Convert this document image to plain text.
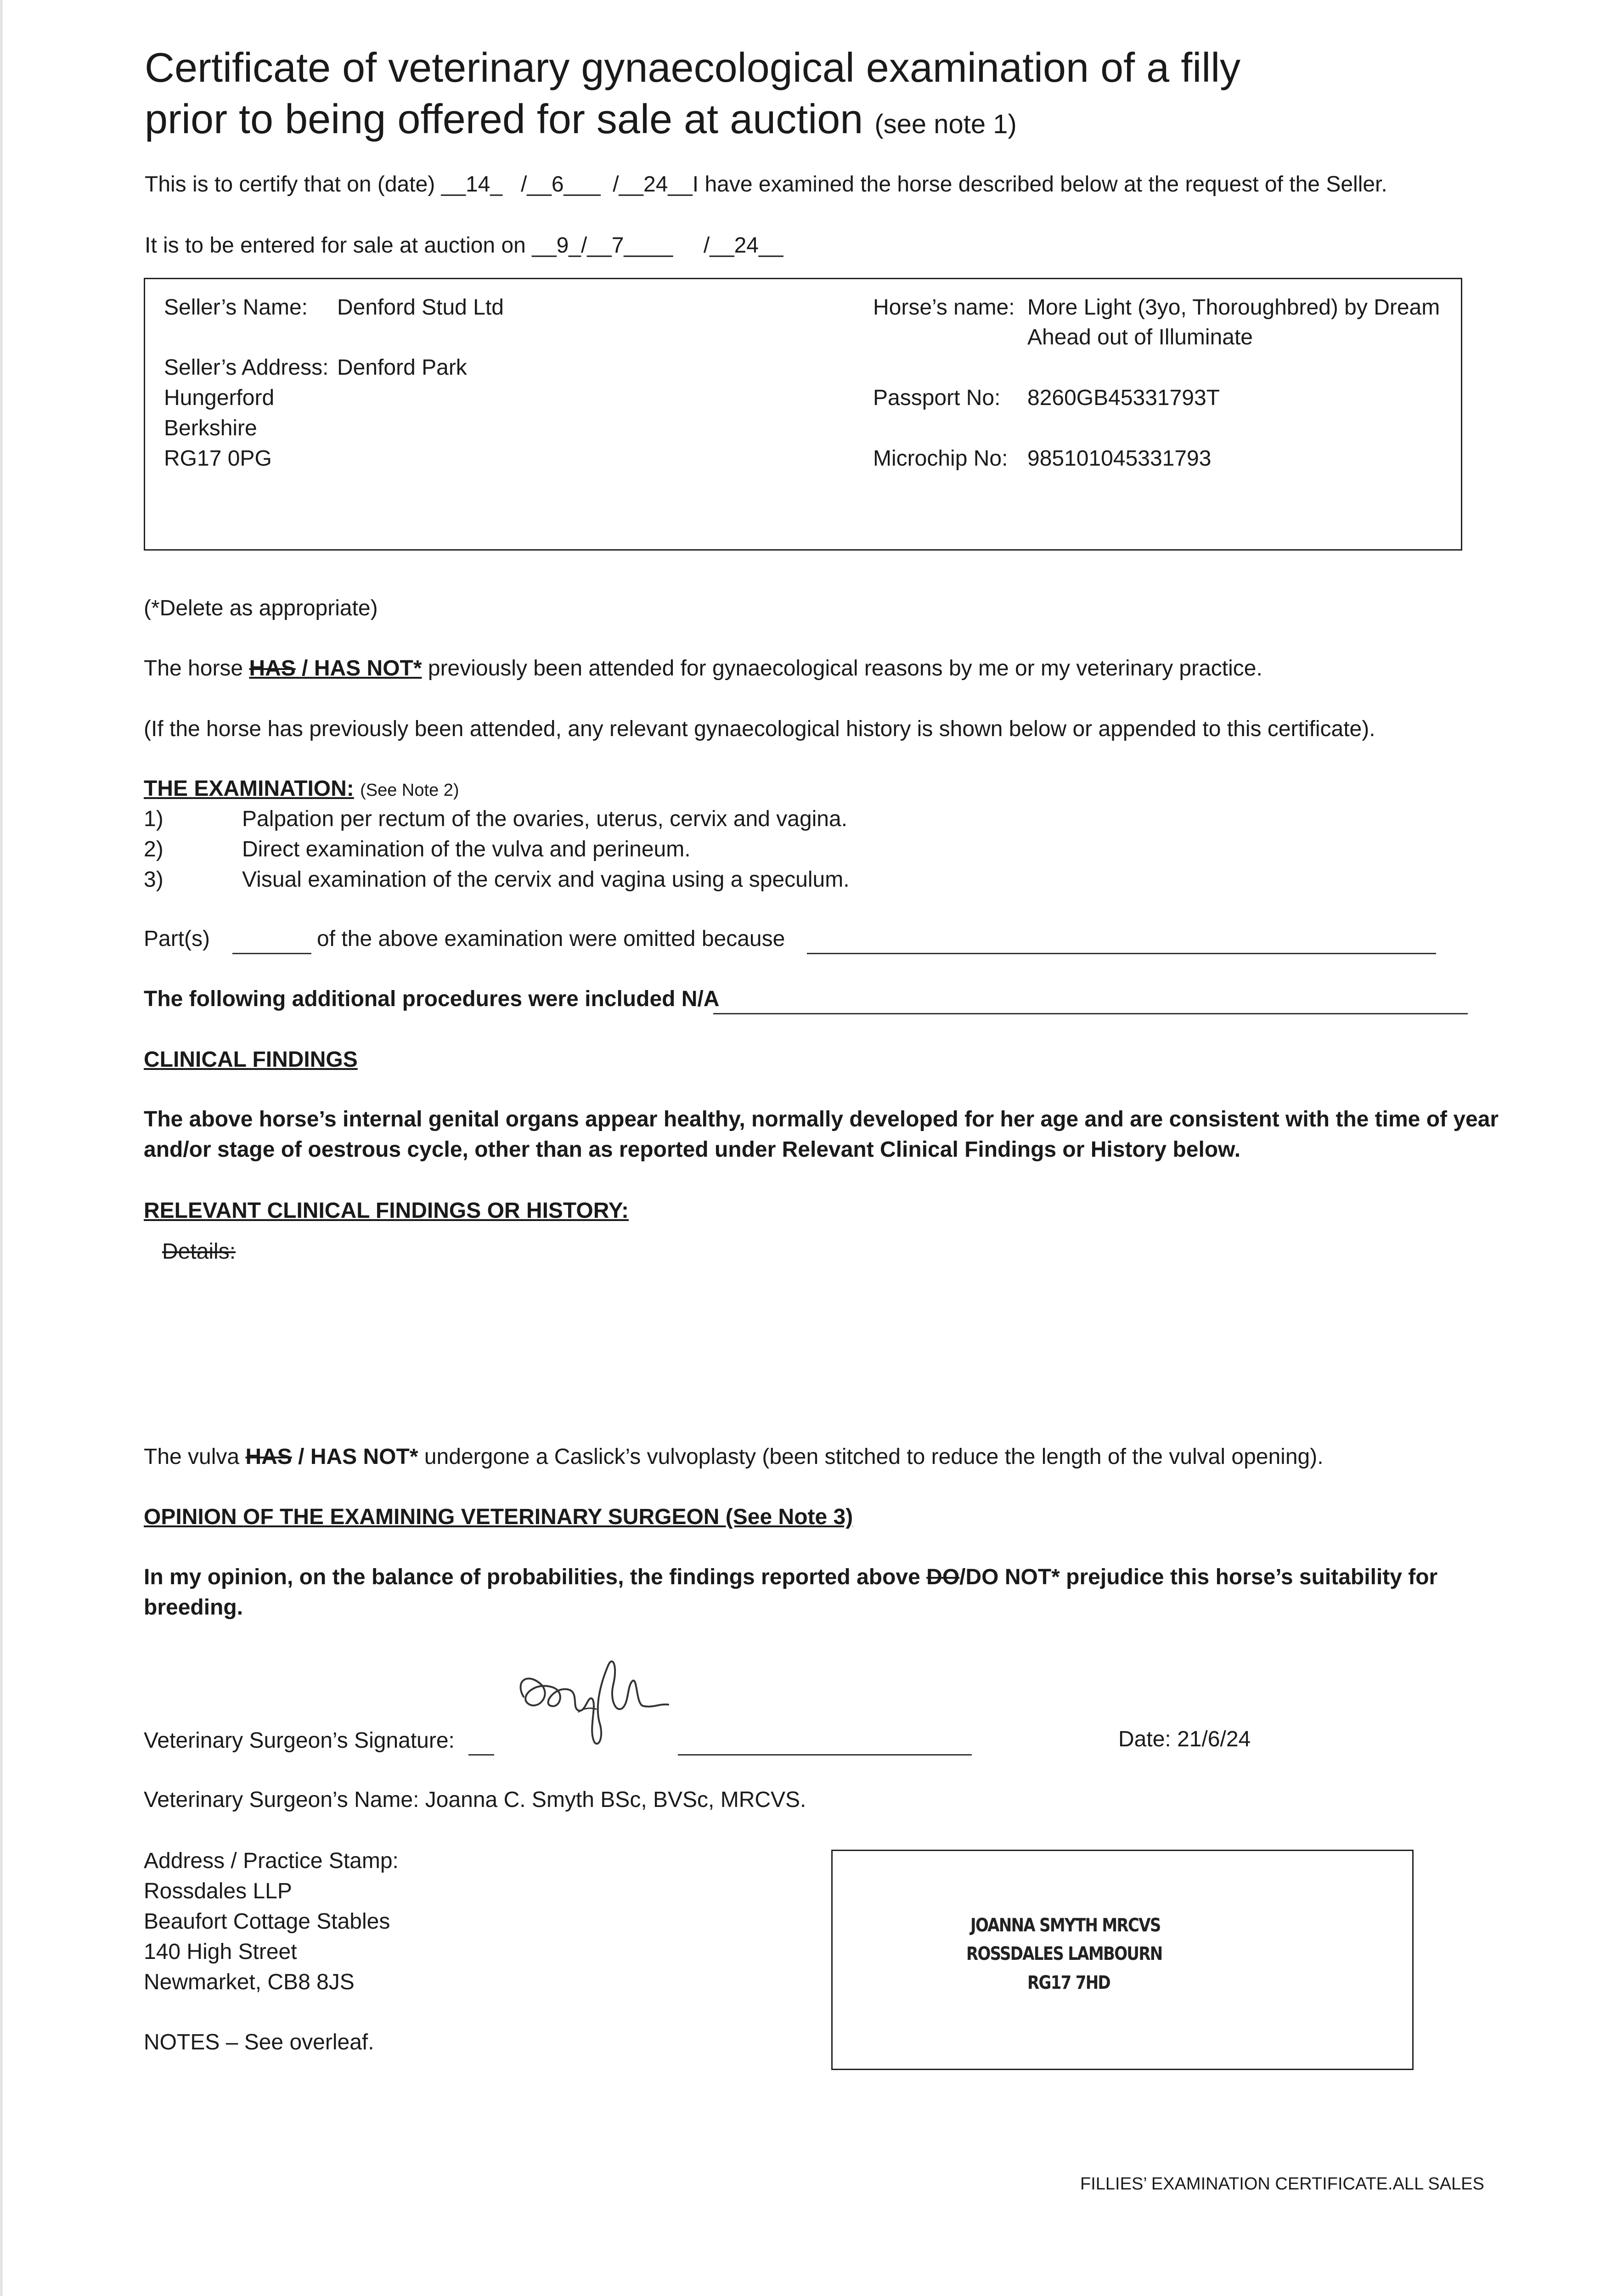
Certificate of veterinary gynaecological examination of a filly
prior to being offered for sale at auction (see note 1)
This is to certify that on (date) __14_   /__6___  /__24__I have examined the horse described below at the request of the Seller.
It is to be entered for sale at auction on __9_/__7____     /__24__
Seller’s Name: Denford Stud Ltd
Seller’s Address: Denford Park
Hungerford
Berkshire
RG17 0PG
Horse’s name: More Light (3yo, Thoroughbred) by Dream
Ahead out of Illuminate
Passport No: 8260GB45331793T
Microchip No: 985101045331793
(*Delete as appropriate)
The horse HAS / HAS NOT* previously been attended for gynaecological reasons by me or my veterinary practice.
(If the horse has previously been attended, any relevant gynaecological history is shown below or appended to this certificate).
THE EXAMINATION: (See Note 2)
1)	Palpation per rectum of the ovaries, uterus, cervix and vagina.
2)	Direct examination of the vulva and perineum.
3)	Visual examination of the cervix and vagina using a speculum.
Part(s)	of the above examination were omitted because
The following additional procedures were included N/A
CLINICAL FINDINGS
The above horse’s internal genital organs appear healthy, normally developed for her age and are consistent with the time of year
and/or stage of oestrous cycle, other than as reported under Relevant Clinical Findings or History below.
RELEVANT CLINICAL FINDINGS OR HISTORY:
Details:
The vulva HAS / HAS NOT* undergone a Caslick’s vulvoplasty (been stitched to reduce the length of the vulval opening).
OPINION OF THE EXAMINING VETERINARY SURGEON (See Note 3)
In my opinion, on the balance of probabilities, the findings reported above DO/DO NOT* prejudice this horse’s suitability for
breeding.
Veterinary Surgeon’s Signature:	Date: 21/6/24
Veterinary Surgeon’s Name: Joanna C. Smyth BSc, BVSc, MRCVS.
Address / Practice Stamp:
Rossdales LLP
Beaufort Cottage Stables
140 High Street
Newmarket, CB8 8JS
NOTES – See overleaf.
JOANNA SMYTH MRCVS
ROSSDALES LAMBOURN
RG17 7HD
FILLIES’ EXAMINATION CERTIFICATE.ALL SALES
